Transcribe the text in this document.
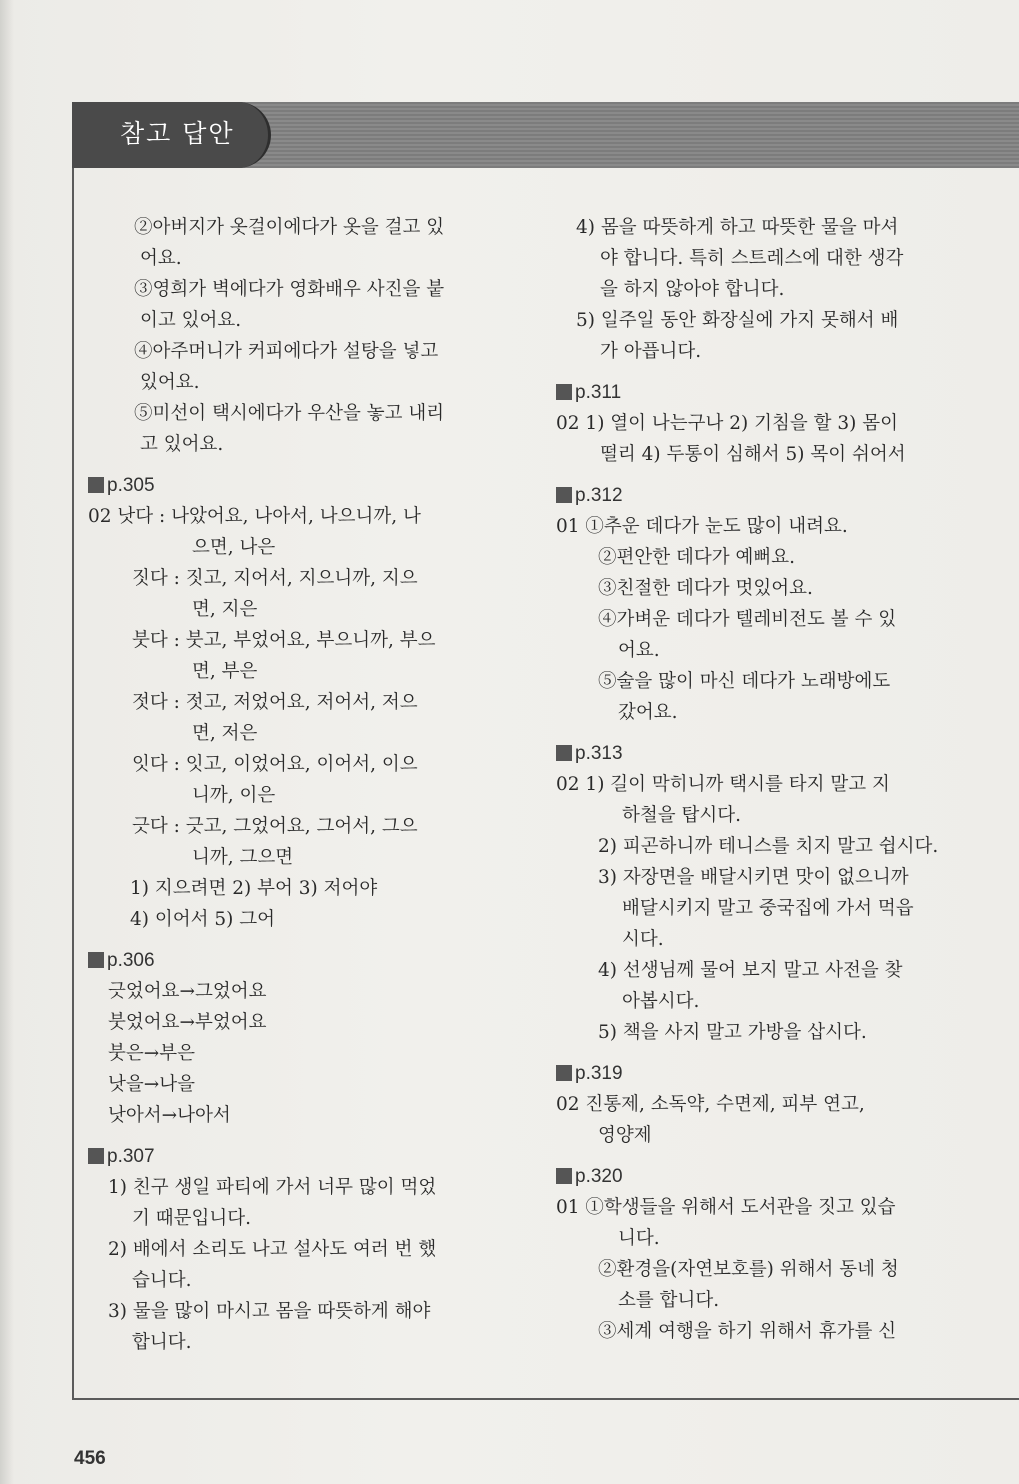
참고 답안
②아버지가 옷걸이에다가 옷을 걸고 있
어요.
③영희가 벽에다가 영화배우 사진을 붙
이고 있어요.
④아주머니가 커피에다가 설탕을 넣고
있어요.
⑤미선이 택시에다가 우산을 놓고 내리
고 있어요.
p.305
02 낫다 : 나았어요, 나아서, 나으니까, 나
으면, 나은
짓다 : 짓고, 지어서, 지으니까, 지으
면, 지은
붓다 : 붓고, 부었어요, 부으니까, 부으
면, 부은
젓다 : 젓고, 저었어요, 저어서, 저으
면, 저은
잇다 : 잇고, 이었어요, 이어서, 이으
니까, 이은
긋다 : 긋고, 그었어요, 그어서, 그으
니까, 그으면
1) 지으려면 2) 부어 3) 저어야
4) 이어서 5) 그어
p.306
긋었어요→그었어요
붓었어요→부었어요
붓은→부은
낫을→나을
낫아서→나아서
p.307
1) 친구 생일 파티에 가서 너무 많이 먹었
기 때문입니다.
2) 배에서 소리도 나고 설사도 여러 번 했
습니다.
3) 물을 많이 마시고 몸을 따뜻하게 해야
합니다.
4) 몸을 따뜻하게 하고 따뜻한 물을 마셔
야 합니다. 특히 스트레스에 대한 생각
을 하지 않아야 합니다.
5) 일주일 동안 화장실에 가지 못해서 배
가 아픕니다.
p.311
02 1) 열이 나는구나 2) 기침을 할 3) 몸이
떨리 4) 두통이 심해서 5) 목이 쉬어서
p.312
01 ①추운 데다가 눈도 많이 내려요.
②편안한 데다가 예뻐요.
③친절한 데다가 멋있어요.
④가벼운 데다가 텔레비전도 볼 수 있
어요.
⑤술을 많이 마신 데다가 노래방에도
갔어요.
p.313
02 1) 길이 막히니까 택시를 타지 말고 지
하철을 탑시다.
2) 피곤하니까 테니스를 치지 말고 쉽시다.
3) 자장면을 배달시키면 맛이 없으니까
배달시키지 말고 중국집에 가서 먹읍
시다.
4) 선생님께 물어 보지 말고 사전을 찾
아봅시다.
5) 책을 사지 말고 가방을 삽시다.
p.319
02 진통제, 소독약, 수면제, 피부 연고,
영양제
p.320
01 ①학생들을 위해서 도서관을 짓고 있습
니다.
②환경을(자연보호를) 위해서 동네 청
소를 합니다.
③세계 여행을 하기 위해서 휴가를 신
456
